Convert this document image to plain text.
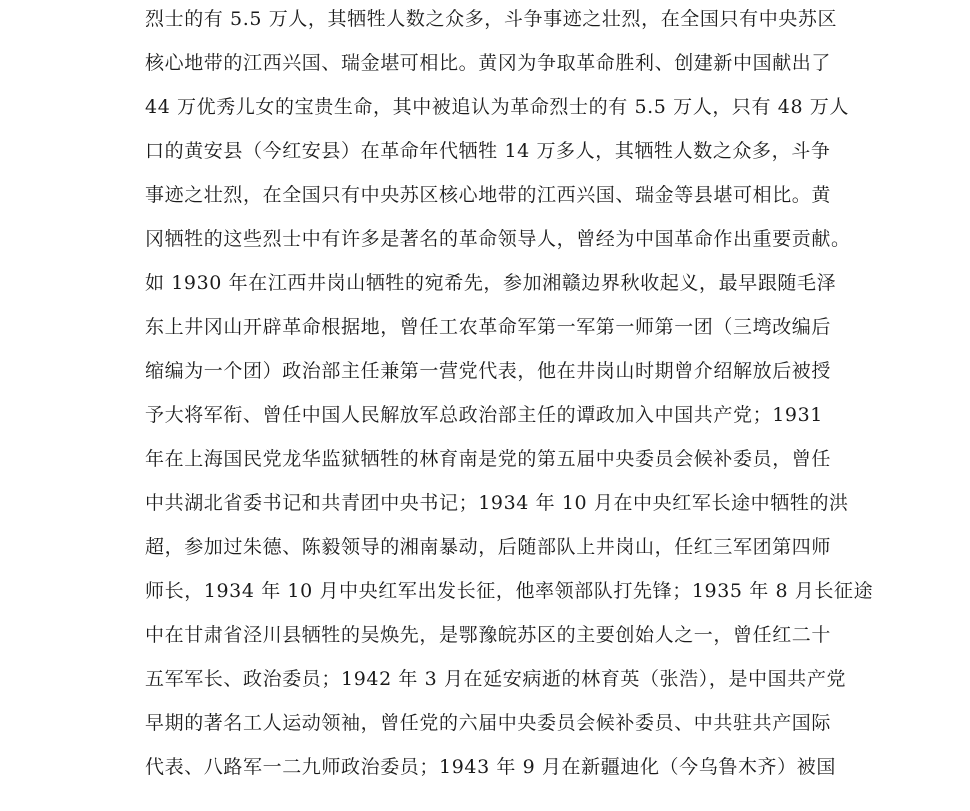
烈士的有 5.5 万人，其牺牲人数之众多，斗争事迹之壮烈，在全国只有中央苏区
核心地带的江西兴国、瑞金堪可相比。黄冈为争取革命胜利、创建新中国献出了
44 万优秀儿女的宝贵生命，其中被追认为革命烈士的有 5.5 万人，只有 48 万人
口的黄安县（今红安县）在革命年代牺牲 14 万多人，其牺牲人数之众多，斗争
事迹之壮烈，在全国只有中央苏区核心地带的江西兴国、瑞金等县堪可相比。黄
冈牺牲的这些烈士中有许多是著名的革命领导人，曾经为中国革命作出重要贡献。
如 1930 年在江西井岗山牺牲的宛希先，参加湘赣边界秋收起义，最早跟随毛泽
东上井冈山开辟革命根据地，曾任工农革命军第一军第一师第一团（三塆改编后
缩编为一个团）政治部主任兼第一营党代表，他在井岗山时期曾介绍解放后被授
予大将军衔、曾任中国人民解放军总政治部主任的谭政加入中国共产党；1931
年在上海国民党龙华监狱牺牲的林育南是党的第五届中央委员会候补委员，曾任
中共湖北省委书记和共青团中央书记；1934 年 10 月在中央红军长途中牺牲的洪
超，参加过朱德、陈毅领导的湘南暴动，后随部队上井岗山，任红三军团第四师
师长，1934 年 10 月中央红军出发长征，他率领部队打先锋；1935 年 8 月长征途
中在甘肃省泾川县牺牲的吴焕先，是鄂豫皖苏区的主要创始人之一，曾任红二十
五军军长、政治委员；1942 年 3 月在延安病逝的林育英（张浩），是中国共产党
早期的著名工人运动领袖，曾任党的六届中央委员会候补委员、中共驻共产国际
代表、八路军一二九师政治委员；1943 年 9 月在新疆迪化（今乌鲁木齐）被国
